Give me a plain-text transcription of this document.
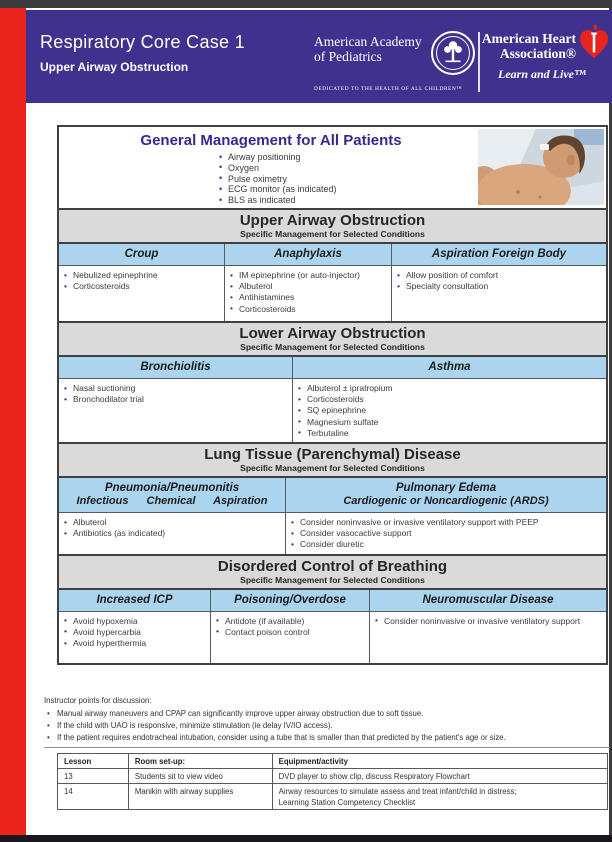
Respiratory Core Case 1
Upper Airway Obstruction
American Academy
of Pediatrics
DEDICATED TO THE HEALTH OF ALL CHILDREN™
American Heart
Association®
Learn and Live™
General Management for All Patients
• Airway positioning
• Oxygen
• Pulse oximetry
• ECG monitor (as indicated)
• BLS as indicated
Upper Airway Obstruction
Specific Management for Selected Conditions
Croup
• Nebulized epinephrine
• Corticosteroids
Anaphylaxis
• IM epinephrine (or auto-injector)
• Albuterol
• Antihistamines
• Corticosteroids
Aspiration Foreign Body
• Allow position of comfort
• Specialty consultation
Lower Airway Obstruction
Specific Management for Selected Conditions
Bronchiolitis
• Nasal suctioning
• Bronchodilator trial
Asthma
• Albuterol ± ipratropium
• Corticosteroids
• SQ epinephrine
• Magnesium sulfate
• Terbutaline
Lung Tissue (Parenchymal) Disease
Specific Management for Selected Conditions
Pneumonia/Pneumonitis
Infectious Chemical Aspiration
• Albuterol
• Antibiotics (as indicated)
Pulmonary Edema
Cardiogenic or Noncardiogenic (ARDS)
• Consider noninvasive or invasive ventilatory support with PEEP
• Consider vasocactive support
• Consider diuretic
Disordered Control of Breathing
Specific Management for Selected Conditions
Increased ICP
• Avoid hypoxemia
• Avoid hypercarbia
• Avoid hyperthermia
Poisoning/Overdose
• Antidote (if available)
• Contact poison control
Neuromuscular Disease
• Consider noninvasive or invasive ventilatory support
Instructor points for discussion:
• Manual airway maneuvers and CPAP can significantly improve upper airway obstruction due to soft tissue.
• If the child with UAO is responsive, minimize stimulation (ie delay IV/IO access).
• If the patient requires endotracheal intubation, consider using a tube that is smaller than that predicted by the patient's age or size.
Lesson	Room set-up:	Equipment/activity
13	Students sit to view video	DVD player to show clip, discuss Respiratory Flowchart
14	Manikin with airway supplies	Airway resources to simulate assess and treat infant/child in distress;
Learning Station Competency Checklist
